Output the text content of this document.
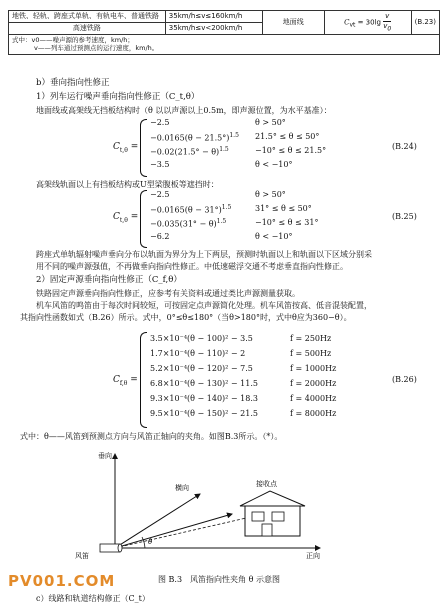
地铁、轻轨、跨座式单轨、有轨电车、普通铁路	35km/h≤v≤160km/h	地面线	$C_{vt} = 30\lg \frac{v}{v_0}$	(B.23)
高速铁路	35km/h≤v<200km/h			

式中：v0——噪声源的参考速度，km/h；
v——列车通过预测点的运行速度，km/h。				
b）垂向指向性修正
1）列车运行噪声垂向指向性修正（C_t,θ）
地面线或高架线无挡板结构时（θ 以以声源以上0.5m，即声源位置，为水平基准）：
$C_{t,\theta}$ =
−2.5	θ > 50°
$-0.0165(\theta - 21.5^\circ)^{1.5}$ 21.5° ≤ θ ≤ 50°
$-0.02(21.5^\circ - \theta)^{1.5}$	−10° ≤ θ ≤ 21.5°
−3.5	θ < −10°
(B.24)
高架线轨面以上有挡板结构或U型梁腹板等遮挡时：
$C_{t,\theta}$ =
−2.5	θ > 50°
$-0.0165(\theta - 31^\circ)^{1.5}$	31° ≤ θ ≤ 50°
$-0.035(31^\circ - \theta)^{1.5}$	−10° ≤ θ ≤ 31°
−6.2	θ < −10°
(B.25)
跨座式单轨辐射噪声垂向分布以轨面为界分为上下两层，预测时轨面以上和轨面以下区域分别采
用不同的噪声源强值，不再做垂向指向性修正。中低速磁浮交通不考虑垂直指向性修正。
2）固定声源垂向指向性修正（C_f,θ）
铁路固定声源垂向指向性修正，应参考有关资料或通过类比声源测量获取。
机车风笛的鸣笛由于每次时间较短，可按固定点声源简化处理。机车风笛按高、低音混装配置，
其指向性函数如式（B.26）所示。式中，0°≤θ≤180°（当θ>180°时，式中θ应为360−θ）。
$C_{f,\theta}$ =
3.5×10⁻⁴(θ − 100)² − 3.5	f = 250Hz
1.7×10⁻⁴(θ − 110)² − 2	f = 500Hz
5.2×10⁻⁴(θ − 120)² − 7.5	f = 1000Hz
6.8×10⁻⁴(θ − 130)² − 11.5	f = 2000Hz
9.3×10⁻⁴(θ − 140)² − 18.3	f = 4000Hz
9.5×10⁻⁴(θ − 150)² − 21.5	f = 8000Hz
(B.26)
式中：θ——风笛到预测点方向与风笛正轴向的夹角。如图B.3所示。（*）。
垂向
横向	接收点
风笛	正向
θ
PV001.COM	图 B.3　风笛指向性夹角 θ 示意图
c）线路和轨道结构修正（C_t）
